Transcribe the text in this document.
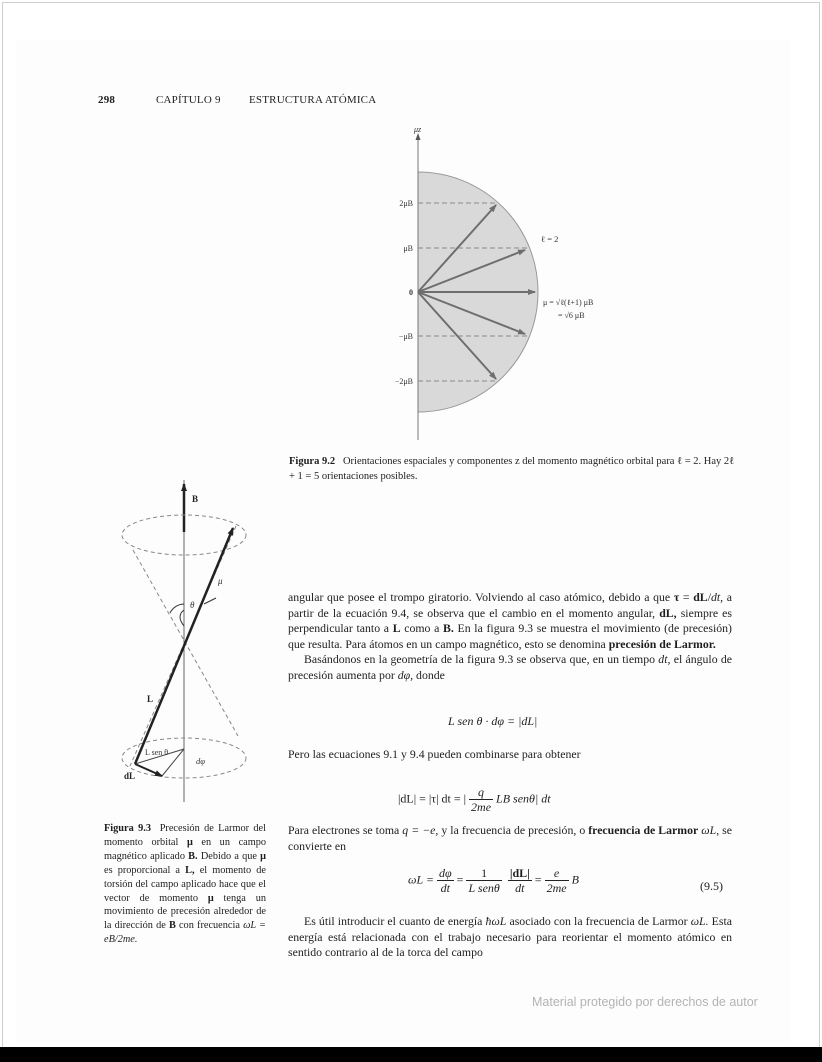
298	CAPÍTULO 9	ESTRUCTURA ATÓMICA
μz
2μB
μB
0
−μB
−2μB
ℓ = 2
μ = √ℓ(ℓ+1) μB
= √6 μB
Figura 9.2 Orientaciones espaciales y componentes z del momento magnético orbital para ℓ = 2. Hay 2ℓ + 1 = 5 orientaciones posibles.
B
θ
μ
L
L sen θ
dφ
dL
Figura 9.3 Precesión de Larmor del momento orbital μ en un campo magnético aplicado B. Debido a que μ es proporcional a L, el momento de torsión del campo aplicado hace que el vector de momento μ tenga un movimiento de precesión alrededor de la dirección de B con frecuencia ωL = eB/2me.

angular que posee el trompo giratorio. Volviendo al caso atómico, debido a que τ = dL/dt, a partir de la ecuación 9.4, se observa que el cambio en el momento angular, dL, siempre es perpendicular tanto a L como a B. En la figura 9.3 se muestra el movimiento (de precesión) que resulta. Para átomos en un campo magnético, esto se denomina precesión de Larmor.

Basándonos en la geometría de la figura 9.3 se observa que, en un tiempo dt, el ángulo de precesión aumenta por dφ, donde

L sen θ · dφ = |dL|

Pero las ecuaciones 9.1 y 9.4 pueden combinarse para obtener

|dL| = |τ| dt = | $\frac{q}{2me}$ LB senθ| dt

Para electrones se toma q = −e, y la frecuencia de precesión, o frecuencia de Larmor ωL, se convierte en

$\omega L = \frac{d\varphi}{dt} = \frac{1}{\text{L senθ}} \frac{|dL|}{dt} = \frac{e}{2me}$ B	(9.5)

Es útil introducir el cuanto de energía ħωL asociado con la frecuencia de Larmor ωL. Esta energía está relacionada con el trabajo necesario para reorientar el momento atómico en sentido contrario al de la torca del campo

Material protegido por derechos de autor
